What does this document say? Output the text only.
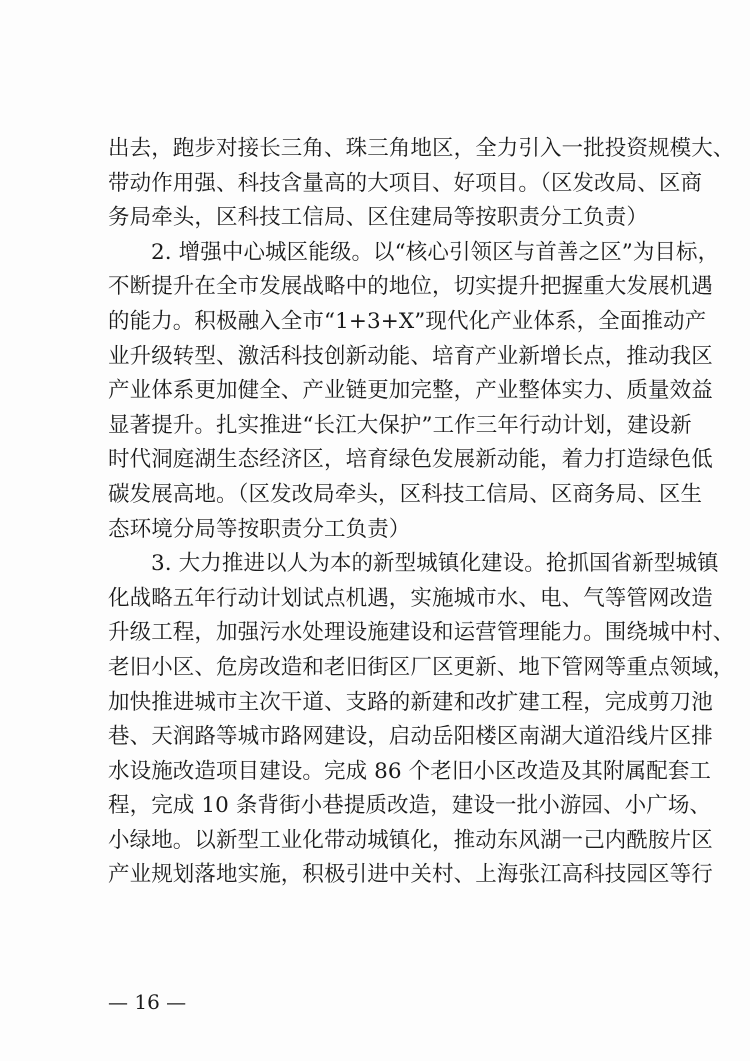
出去，跑步对接长三角、珠三角地区，全力引入一批投资规模大、
带动作用强、科技含量高的大项目、好项目。（区发改局、区商
务局牵头，区科技工信局、区住建局等按职责分工负责）
2. 增强中心城区能级。以“核心引领区与首善之区”为目标，
不断提升在全市发展战略中的地位，切实提升把握重大发展机遇
的能力。积极融入全市“1+3+X”现代化产业体系，全面推动产
业升级转型、激活科技创新动能、培育产业新增长点，推动我区
产业体系更加健全、产业链更加完整，产业整体实力、质量效益
显著提升。扎实推进“长江大保护”工作三年行动计划，建设新
时代洞庭湖生态经济区，培育绿色发展新动能，着力打造绿色低
碳发展高地。（区发改局牵头，区科技工信局、区商务局、区生
态环境分局等按职责分工负责）
3. 大力推进以人为本的新型城镇化建设。抢抓国省新型城镇
化战略五年行动计划试点机遇，实施城市水、电、气等管网改造
升级工程，加强污水处理设施建设和运营管理能力。围绕城中村、
老旧小区、危房改造和老旧街区厂区更新、地下管网等重点领域，
加快推进城市主次干道、支路的新建和改扩建工程，完成剪刀池
巷、天润路等城市路网建设，启动岳阳楼区南湖大道沿线片区排
水设施改造项目建设。完成 86 个老旧小区改造及其附属配套工
程，完成 10 条背街小巷提质改造，建设一批小游园、小广场、
小绿地。以新型工业化带动城镇化，推动东风湖一己内酰胺片区
产业规划落地实施，积极引进中关村、上海张江高科技园区等行
— 16 —
